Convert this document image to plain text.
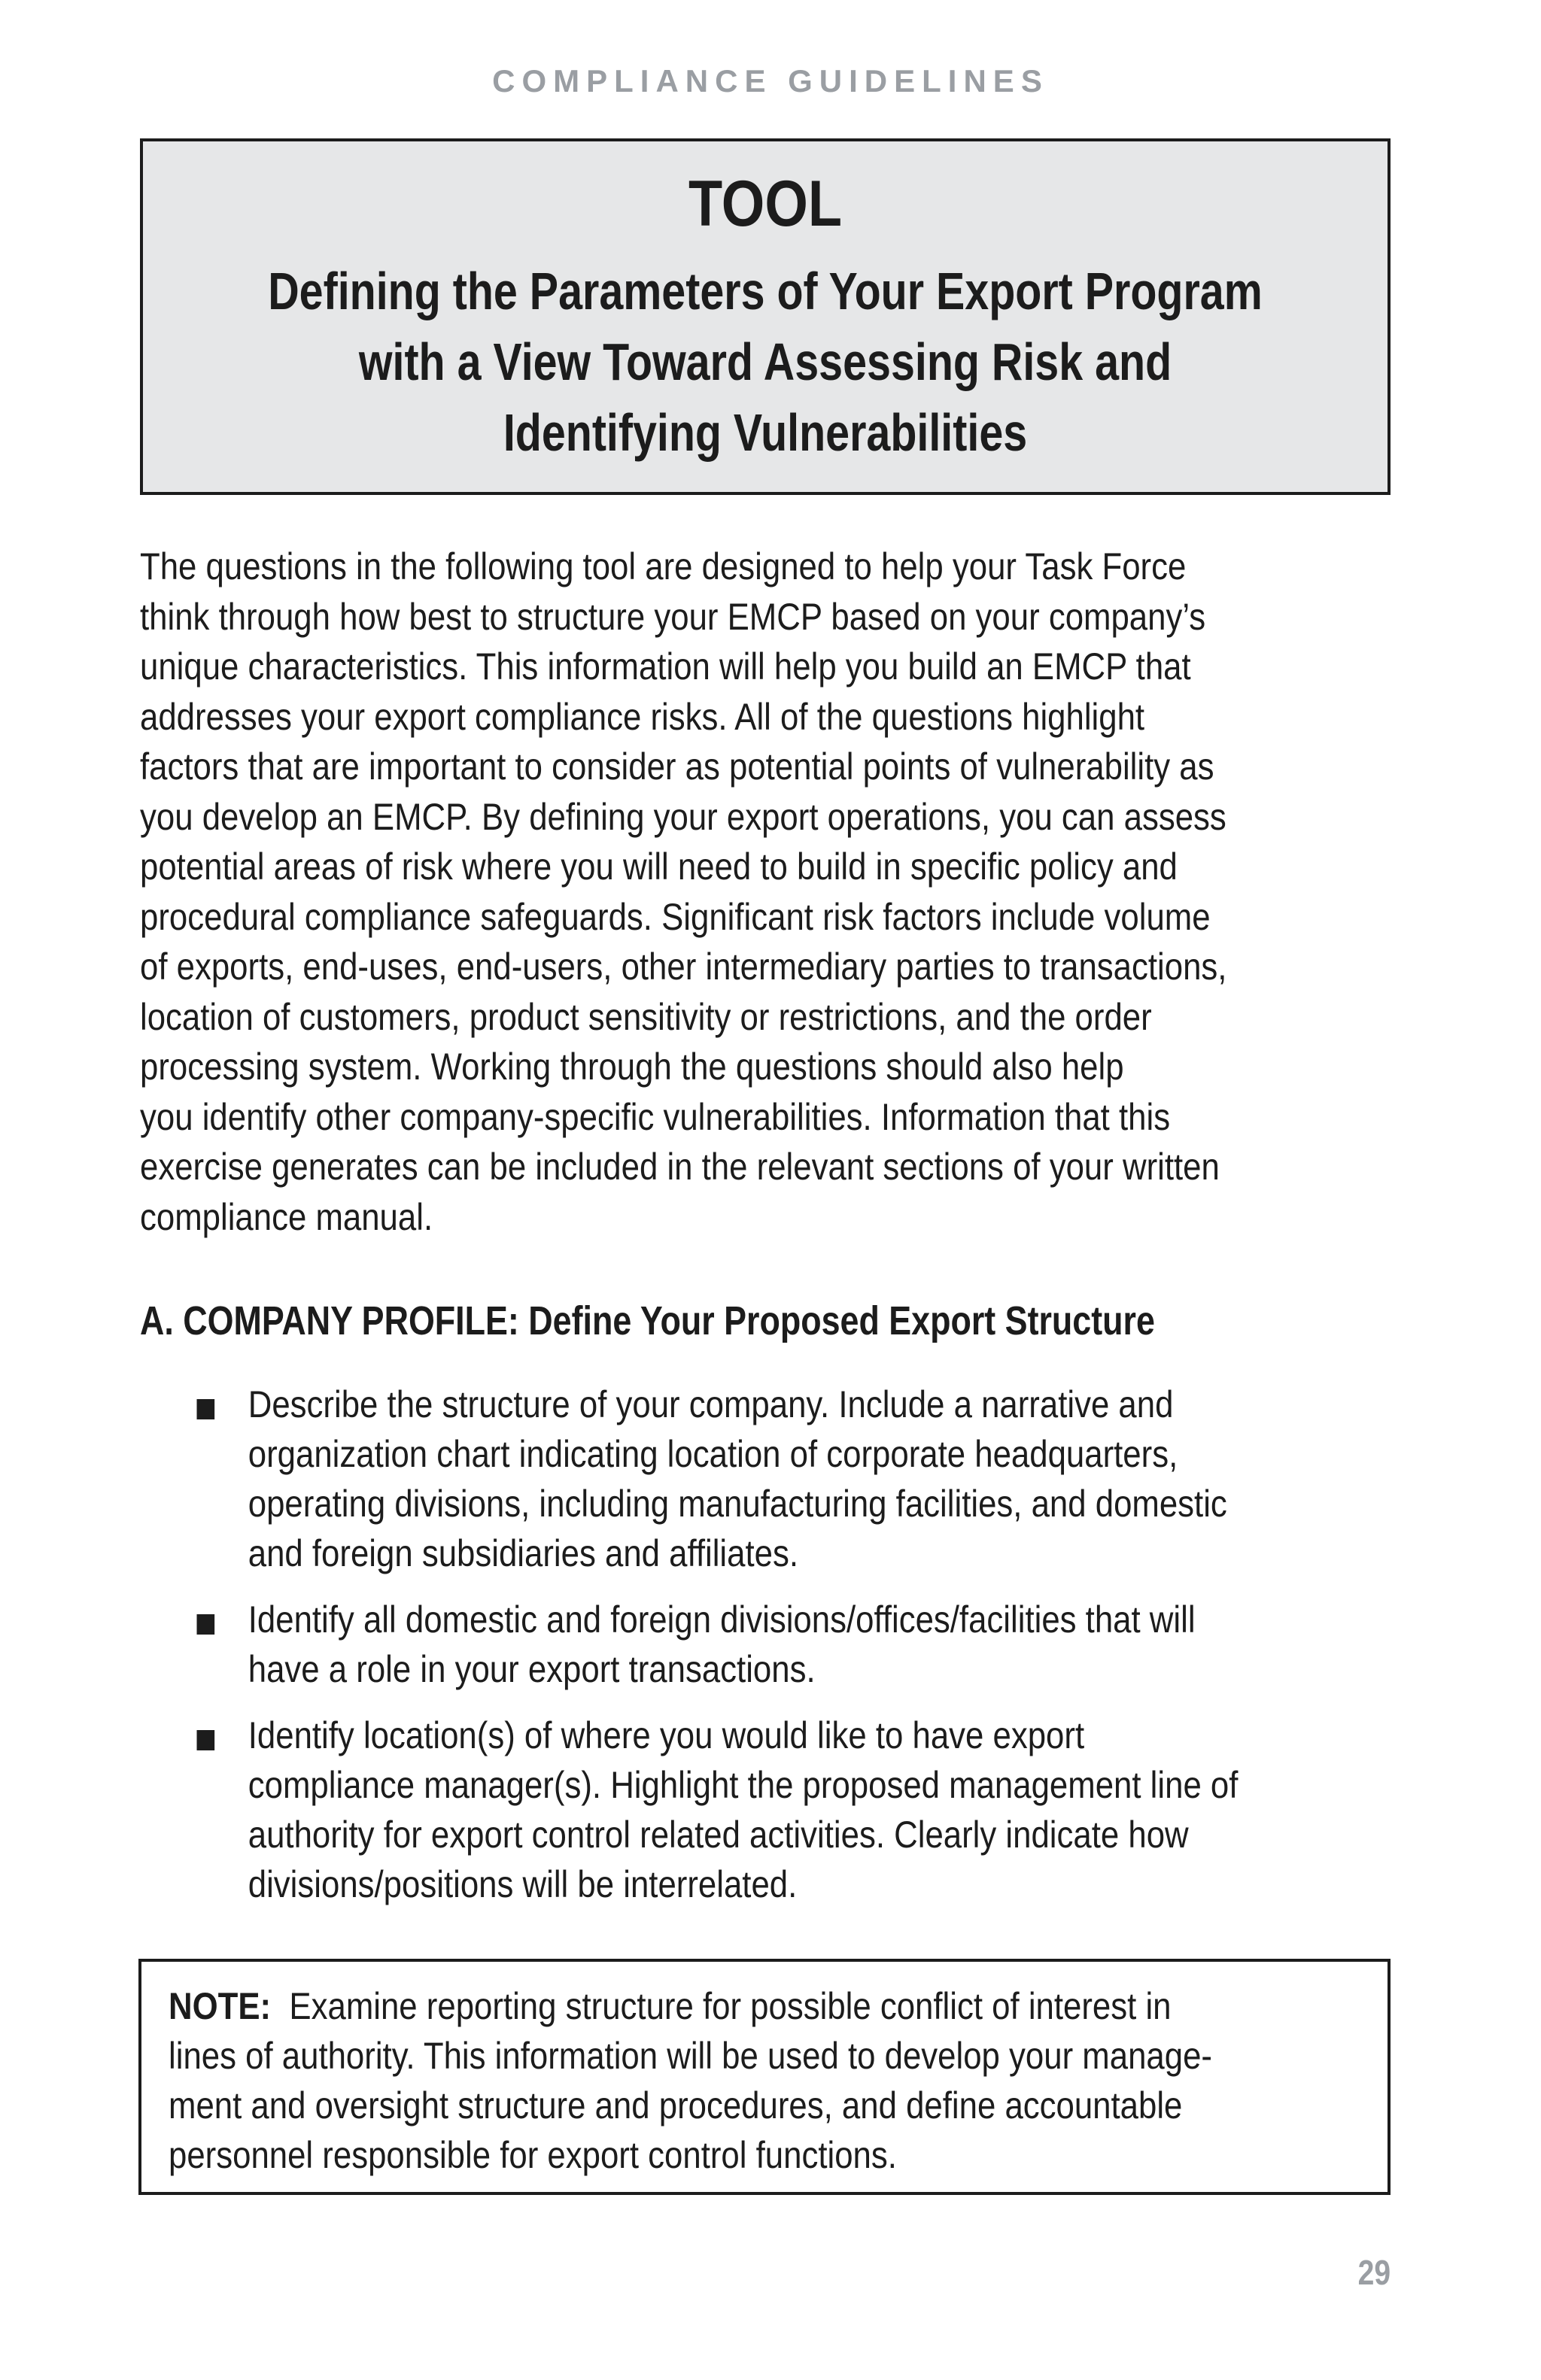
COMPLIANCE GUIDELINES
TOOL
Defining the Parameters of Your Export Program
with a View Toward Assessing Risk and
Identifying Vulnerabilities
The questions in the following tool are designed to help your Task Force
think through how best to structure your EMCP based on your company’s
unique characteristics. This information will help you build an EMCP that
addresses your export compliance risks. All of the questions highlight
factors that are important to consider as potential points of vulnerability as
you develop an EMCP. By defining your export operations, you can assess
potential areas of risk where you will need to build in specific policy and
procedural compliance safeguards. Significant risk factors include volume
of exports, end-uses, end-users, other intermediary parties to transactions,
location of customers, product sensitivity or restrictions, and the order
processing system. Working through the questions should also help
you identify other company-specific vulnerabilities. Information that this
exercise generates can be included in the relevant sections of your written
compliance manual.
A. COMPANY PROFILE: Define Your Proposed Export Structure
Describe the structure of your company. Include a narrative and
organization chart indicating location of corporate headquarters,
operating divisions, including manufacturing facilities, and domestic
and foreign subsidiaries and affiliates.
Identify all domestic and foreign divisions/offices/facilities that will
have a role in your export transactions.
Identify location(s) of where you would like to have export
compliance manager(s). Highlight the proposed management line of
authority for export control related activities. Clearly indicate how
divisions/positions will be interrelated.
NOTE: Examine reporting structure for possible conflict of interest in
lines of authority. This information will be used to develop your manage-
ment and oversight structure and procedures, and define accountable
personnel responsible for export control functions.
29
